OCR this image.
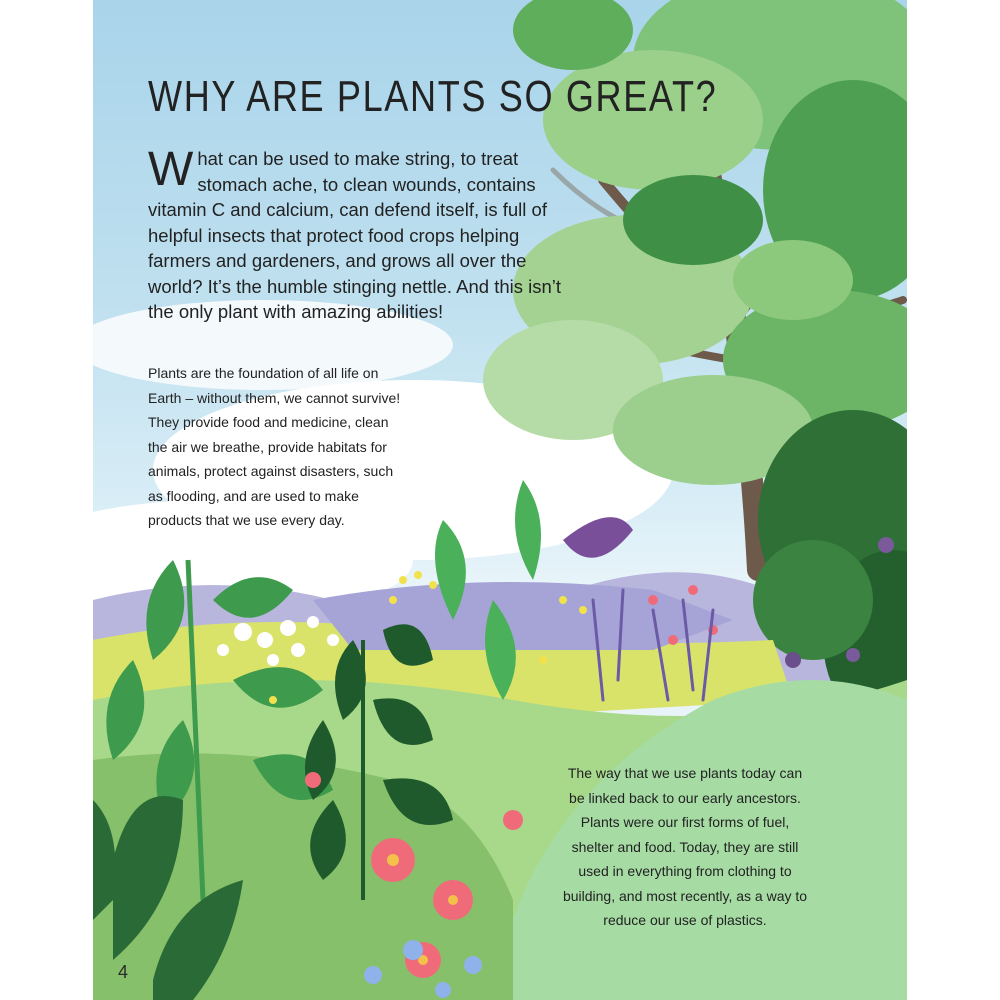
WHY ARE PLANTS SO GREAT?

What can be used to make string, to treat stomach ache, to clean wounds, contains vitamin C and calcium, can defend itself, is full of helpful insects that protect food crops helping farmers and gardeners, and grows all over the world? It’s the humble stinging nettle. And this isn’t the only plant with amazing abilities!

Plants are the foundation of all life on Earth – without them, we cannot survive! They provide food and medicine, clean the air we breathe, provide habitats for animals, protect against disasters, such as flooding, and are used to make products that we use every day.

The way that we use plants today can be linked back to our early ancestors. Plants were our first forms of fuel, shelter and food. Today, they are still used in everything from clothing to building, and most recently, as a way to reduce our use of plastics.

4
